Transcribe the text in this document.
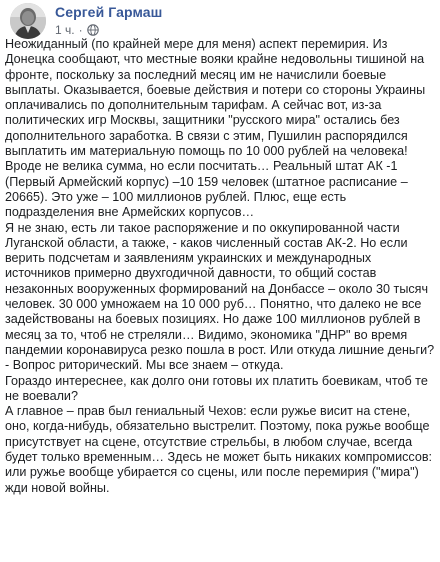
Сергей Гармаш
1 ч. ·

Неожиданный (по крайней мере для меня) аспект перемирия. Из Донецка сообщают, что местные вояки крайне недовольны тишиной на фронте, поскольку за последний месяц им не начислили боевые выплаты. Оказывается, боевые действия и потери со стороны Украины оплачивались по дополнительным тарифам. А сейчас вот, из-за политических игр Москвы, защитники "русского мира" остались без дополнительного заработка. В связи с этим, Пушилин распорядился выплатить им материальную помощь по 10 000 рублей на человека!

Вроде не велика сумма, но если посчитать… Реальный штат АК -1 (Первый Армейский корпус) –10 159 человек (штатное расписание – 20665). Это уже – 100 миллионов рублей. Плюс, еще есть подразделения вне Армейских корпусов…

Я не знаю, есть ли такое распоряжение и по оккупированной части Луганской области, а также, - каков численный состав АК-2. Но если верить подсчетам и заявлениям украинских и международных источников примерно двухгодичной давности, то общий состав незаконных вооруженных формирований на Донбассе – около 30 тысяч человек. 30 000 умножаем на 10 000 руб… Понятно, что далеко не все задействованы на боевых позициях. Но даже 100 миллионов рублей в месяц за то, чтоб не стреляли… Видимо, экономика "ДНР" во время пандемии коронавируса резко пошла в рост. Или откуда лишние деньги? - Вопрос риторический. Мы все знаем – откуда.

Гораздо интереснее, как долго они готовы их платить боевикам, чтоб те не воевали?

А главное – прав был гениальный Чехов: если ружье висит на стене, оно, когда-нибудь, обязательно выстрелит. Поэтому, пока ружье вообще присутствует на сцене, отсутствие стрельбы, в любом случае, всегда будет только временным… Здесь не может быть никаких компромиссов: или ружье вообще убирается со сцены, или после перемирия ("мира") жди новой войны.
